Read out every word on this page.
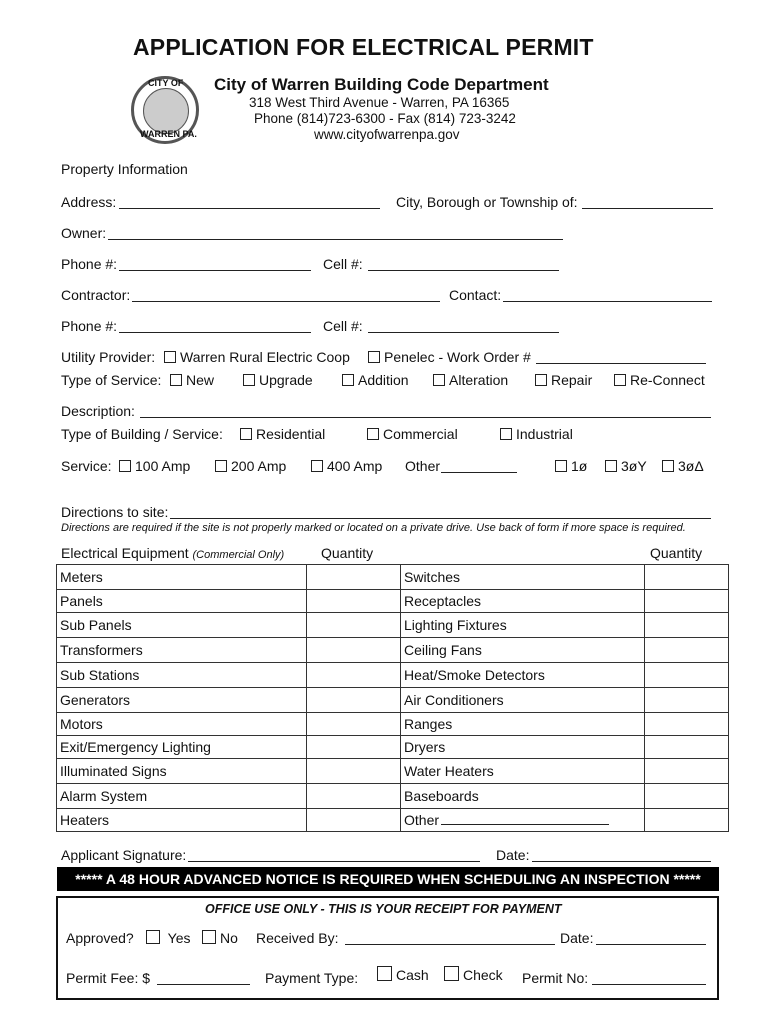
APPLICATION FOR ELECTRICAL PERMIT
CITY OF
WARREN PA.
City of Warren Building Code Department
318 West Third Avenue - Warren, PA 16365
Phone (814)723-6300 - Fax (814) 723-3242
www.cityofwarrenpa.gov
Property Information
Address:	City, Borough or Township of:
Owner:
Phone #:	Cell #:
Contractor:	Contact:
Phone #:	Cell #:
Utility Provider:	Warren Rural Electric Coop	Penelec - Work Order #
Type of Service:	New	Upgrade	Addition	Alteration	Repair	Re-Connect
Description:
Type of Building / Service:	Residential	Commercial	Industrial
Service:	100 Amp	200 Amp	400 Amp Other	1ø	3øY	3øΔ
Directions to site:
Directions are required if the site is not properly marked or located on a private drive. Use back of form if more space is required.
Electrical Equipment (Commercial Only)	Quantity	Quantity
Meters		Switches	
Panels		Receptacles	
Sub Panels		Lighting Fixtures	
Transformers		Ceiling Fans	
Sub Stations		Heat/Smoke Detectors	
Generators		Air Conditioners	
Motors		Ranges	
Exit/Emergency Lighting		Dryers	
Illuminated Signs		Water Heaters	
Alarm System		Baseboards	
Heaters		Other	
Applicant Signature:	Date:
***** A 48 HOUR ADVANCED NOTICE IS REQUIRED WHEN SCHEDULING AN INSPECTION *****
OFFICE USE ONLY - THIS IS YOUR RECEIPT FOR PAYMENT
Approved?	Yes	No Received By:	Date:
Permit Fee: $	Payment Type:	Cash	Check Permit No:
